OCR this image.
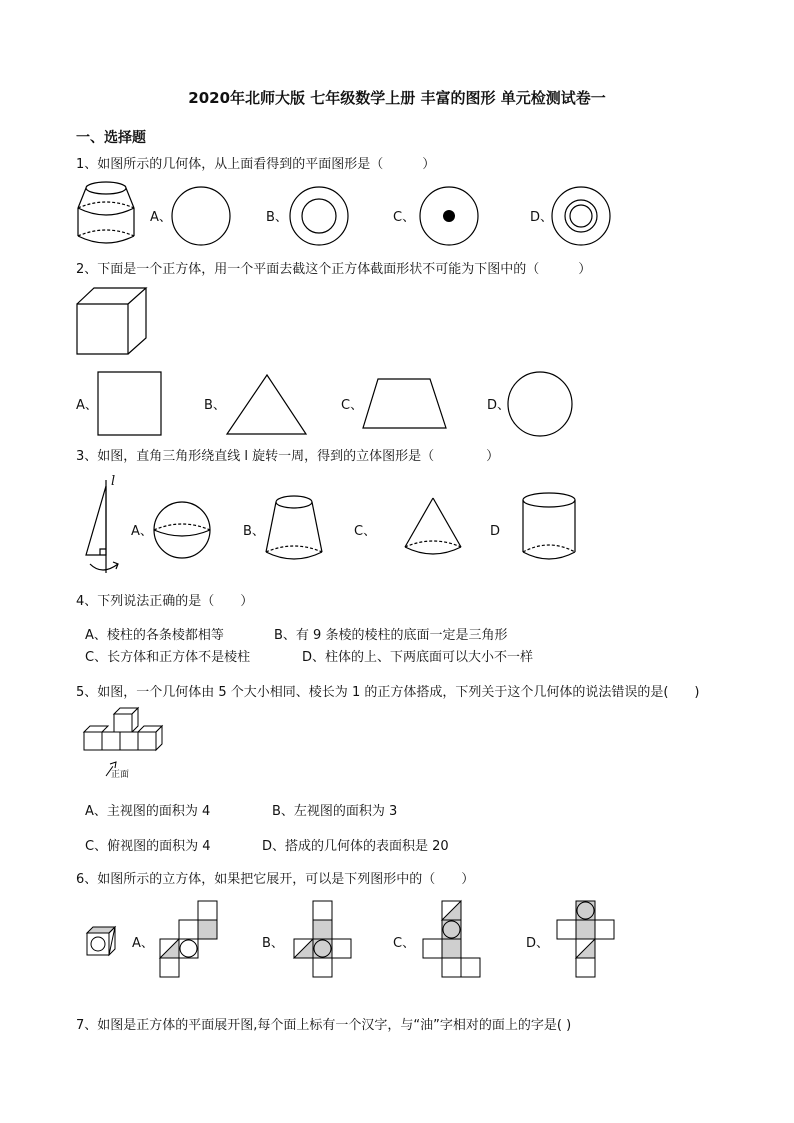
2020年北师大版 七年级数学上册 丰富的图形 单元检测试卷一
一、选择题
1、如图所示的几何体，从上面看得到的平面图形是（　　　）
A、	B、	C、	D、
2、下面是一个正方体，用一个平面去截这个正方体截面形状不可能为下图中的（　　　）
A、	B、	C、	D、
3、如图，直角三角形绕直线 l 旋转一周，得到的立体图形是（　　　　）
l
A、	B、	C、	D
4、下列说法正确的是（　　）
A、棱柱的各条棱都相等	B、有 9 条棱的棱柱的底面一定是三角形
C、长方体和正方体不是棱柱	D、柱体的上、下两底面可以大小不一样
5、如图，一个几何体由 5 个大小相同、棱长为 1 的正方体搭成，下列关于这个几何体的说法错误的是(　　)
正面
A、主视图的面积为 4	B、左视图的面积为 3
C、俯视图的面积为 4	D、搭成的几何体的表面积是 20
6、如图所示的立方体，如果把它展开，可以是下列图形中的（　　）
A、	B、	C、	D、
7、如图是正方体的平面展开图,每个面上标有一个汉字，与“油”字相对的面上的字是( )
